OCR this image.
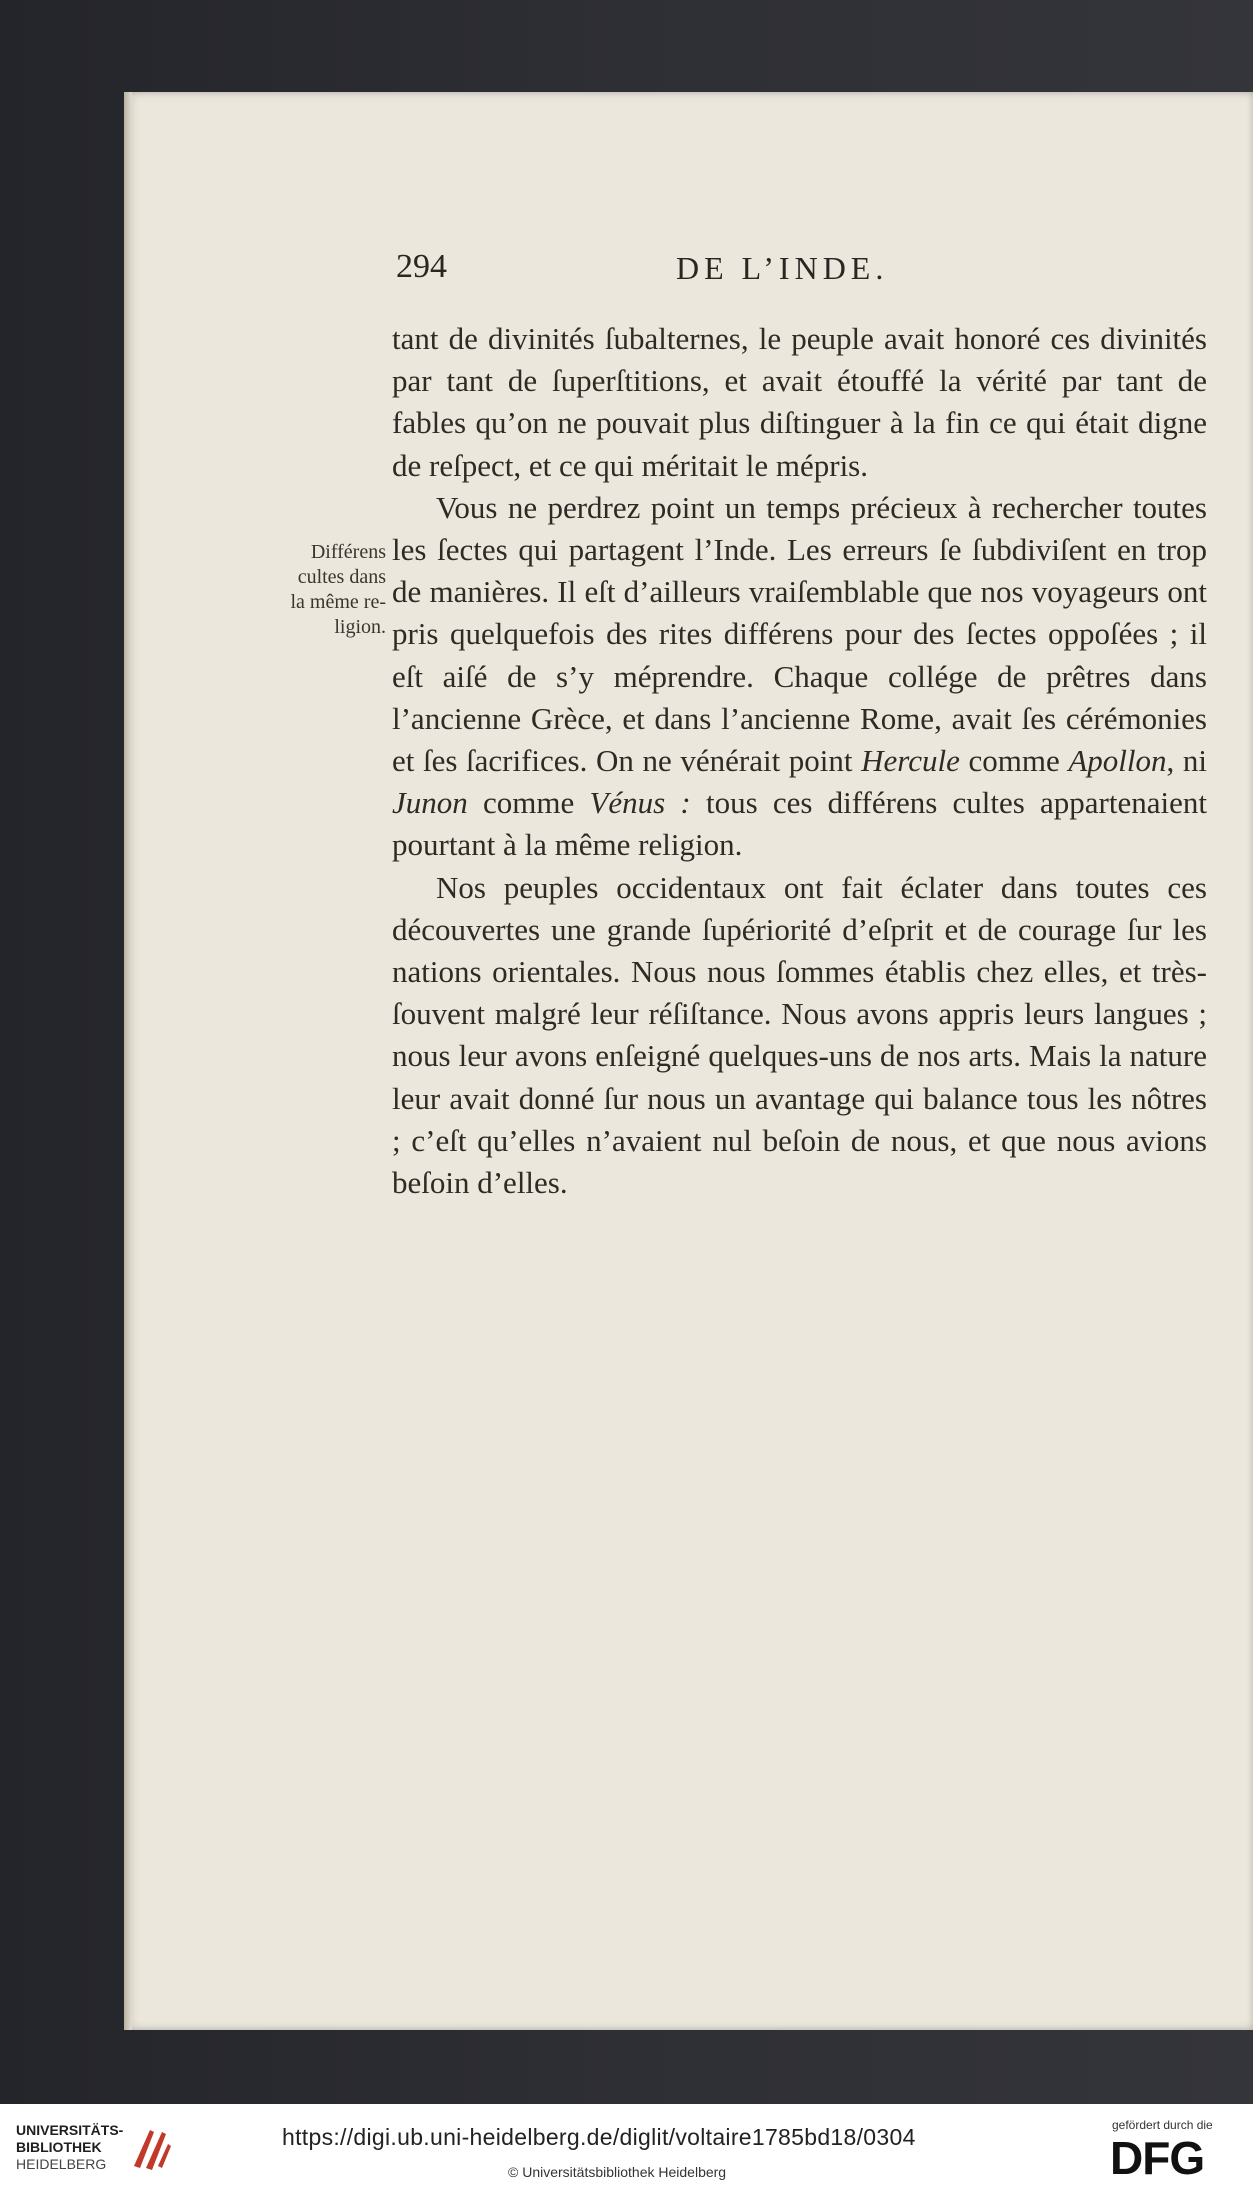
294	DE L’INDE.
Différens
cultes dans
la même re-
ligion.

tant de divinités ſubalternes, le peuple avait honoré ces divinités par tant de ſuperſtitions, et avait étouffé la vérité par tant de fables qu’on ne pouvait plus diſtinguer à la fin ce qui était digne de reſpect, et ce qui méritait le mépris.

Vous ne perdrez point un temps précieux à rechercher toutes les ſectes qui partagent l’Inde. Les erreurs ſe ſubdiviſent en trop de manières. Il eſt d’ailleurs vraiſemblable que nos voyageurs ont pris quelquefois des rites différens pour des ſectes oppoſées ; il eſt aiſé de s’y méprendre. Chaque collége de prêtres dans l’ancienne Grèce, et dans l’ancienne Rome, avait ſes cérémonies et ſes ſacrifices. On ne vénérait point Hercule comme Apollon, ni Junon comme Vénus : tous ces différens cultes appartenaient pourtant à la même religion.

Nos peuples occidentaux ont fait éclater dans toutes ces découvertes une grande ſupériorité d’eſprit et de courage ſur les nations orientales. Nous nous ſommes établis chez elles, et très-ſouvent malgré leur réſiſtance. Nous avons appris leurs langues ; nous leur avons enſeigné quelques-uns de nos arts. Mais la nature leur avait donné ſur nous un avantage qui balance tous les nôtres ; c’eſt qu’elles n’avaient nul beſoin de nous, et que nous avions beſoin d’elles.

UNIVERSITÄTS-
BIBLIOTHEK
HEIDELBERG
https://digi.ub.uni-heidelberg.de/diglit/voltaire1785bd18/0304
© Universitätsbibliothek Heidelberg
gefördert durch die
DFG
